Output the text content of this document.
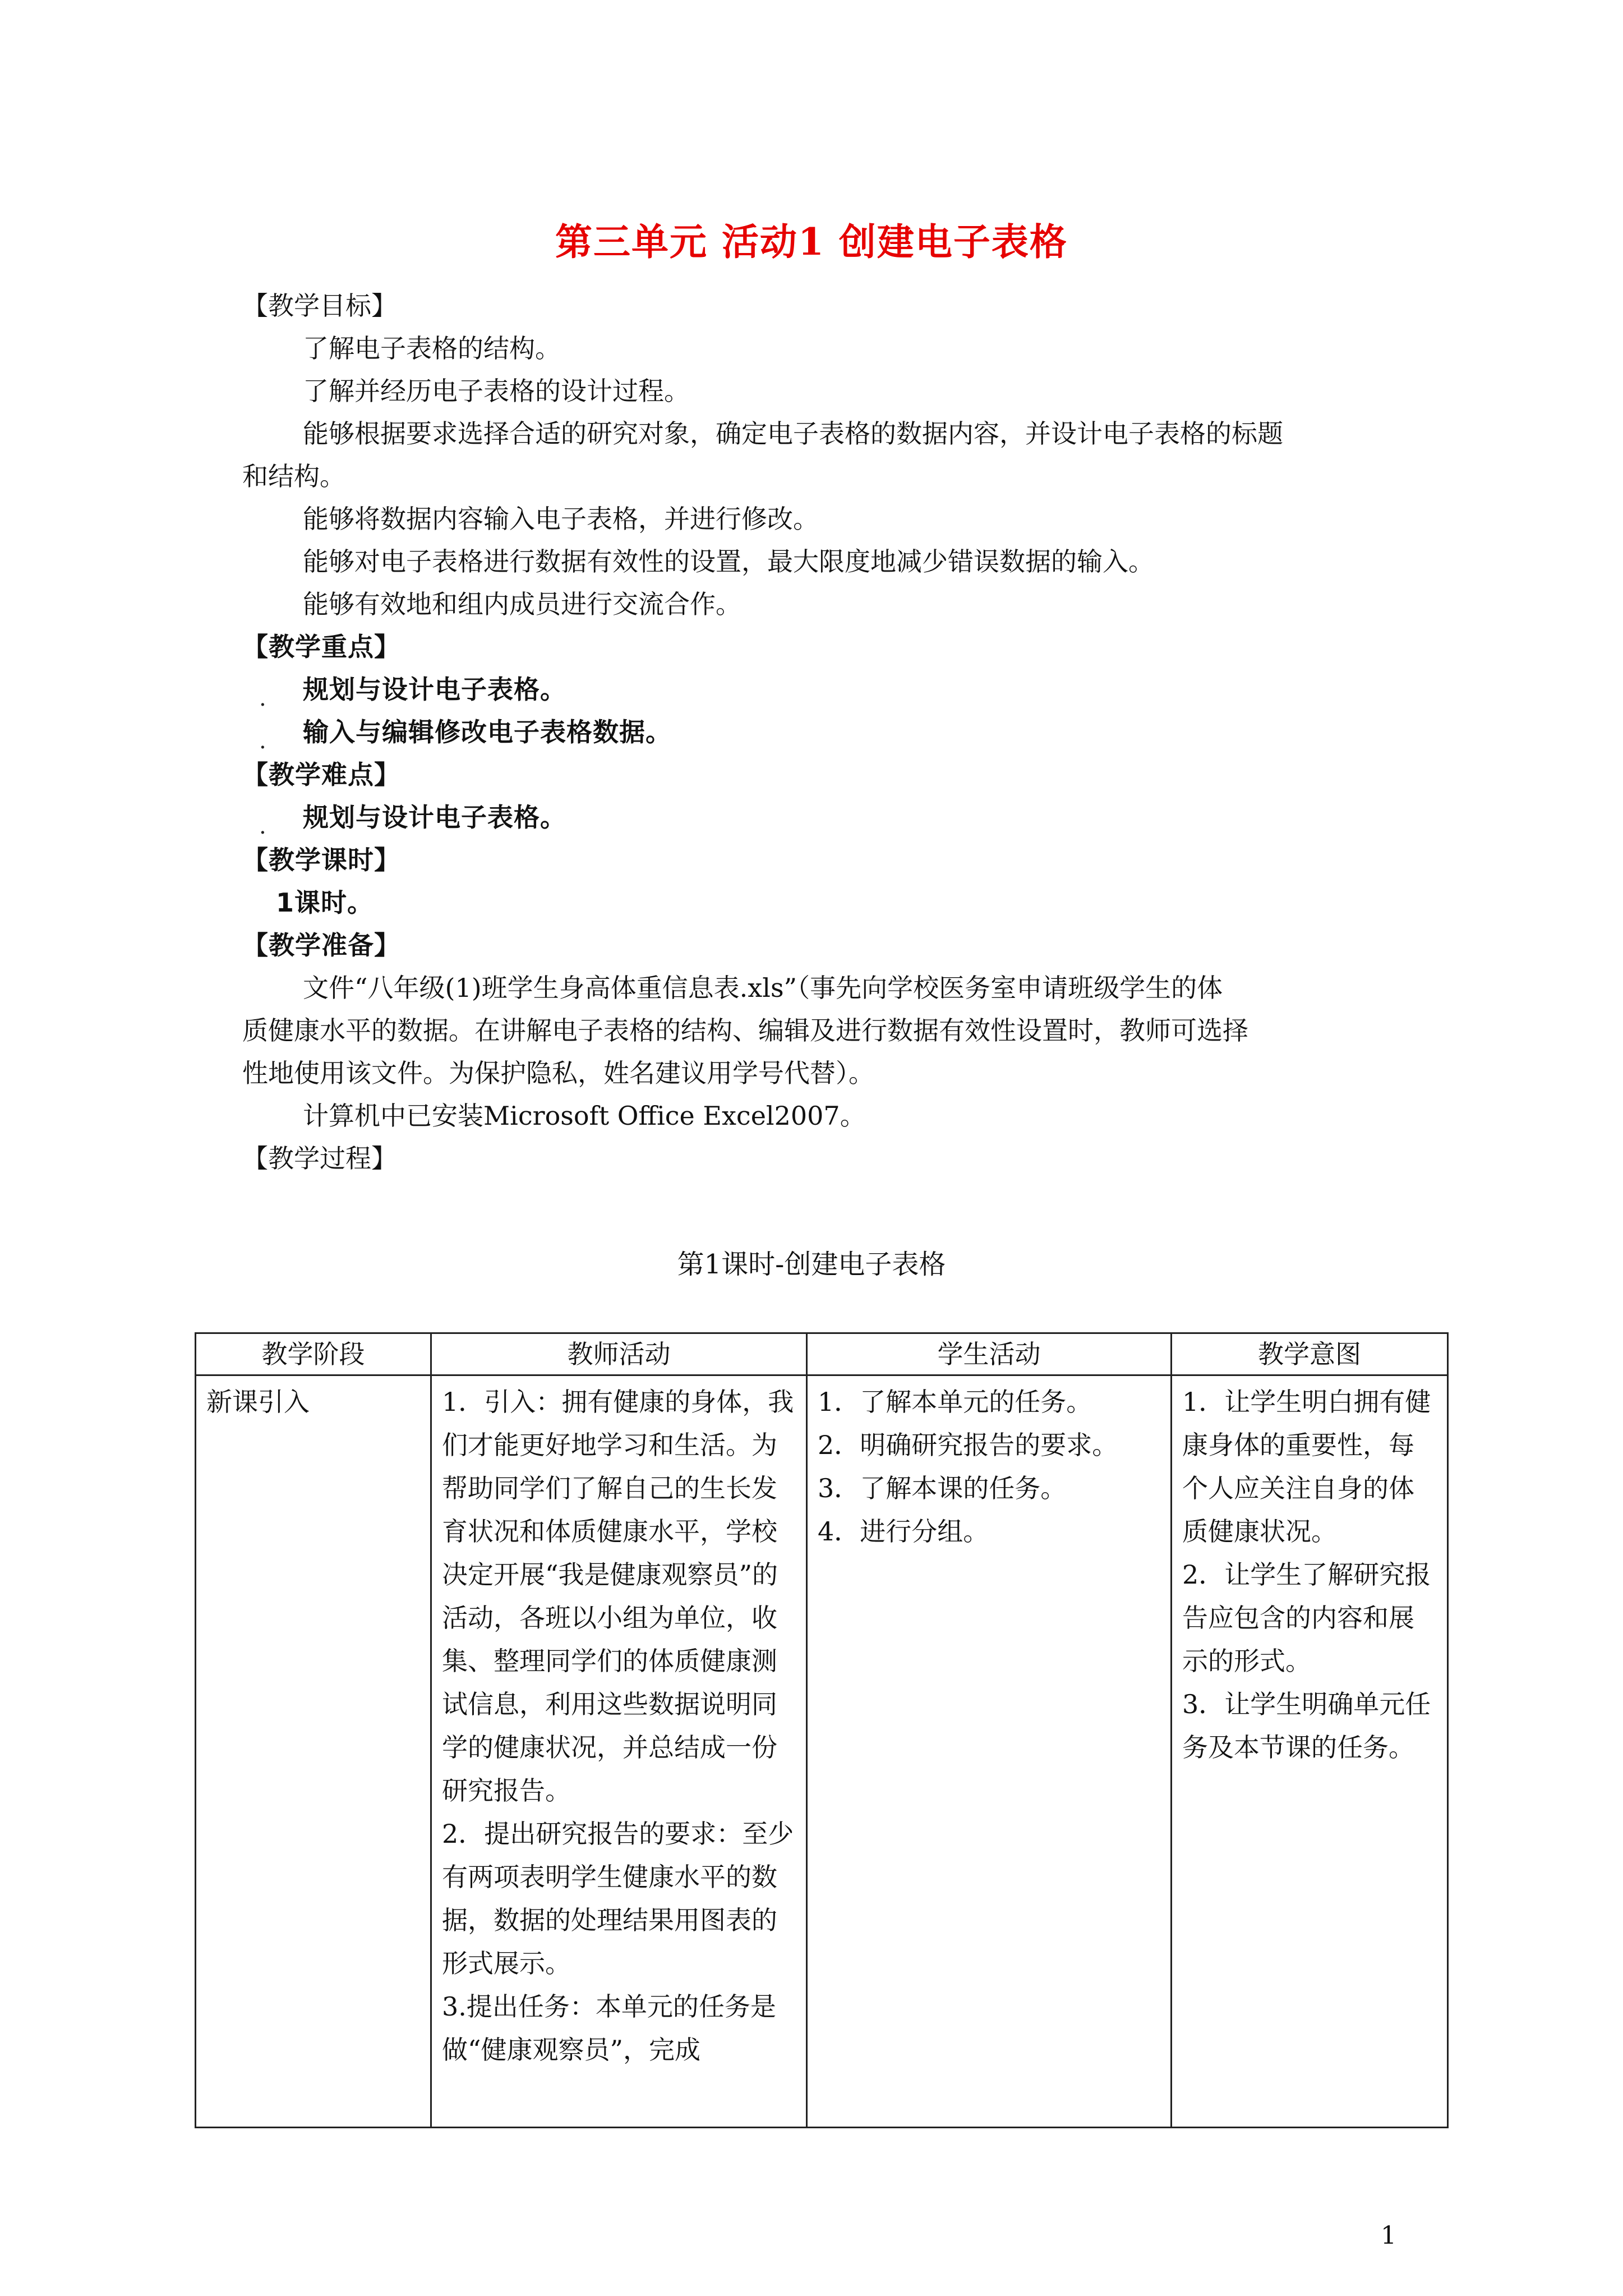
第三单元 活动1 创建电子表格
【教学目标】
了解电子表格的结构。
了解并经历电子表格的设计过程。
能够根据要求选择合适的研究对象，确定电子表格的数据内容，并设计电子表格的标题
和结构。
能够将数据内容输入电子表格，并进行修改。
能够对电子表格进行数据有效性的设置，最大限度地减少错误数据的输入。
能够有效地和组内成员进行交流合作。
【教学重点】
. 规划与设计电子表格。
. 输入与编辑修改电子表格数据。
【教学难点】
. 规划与设计电子表格。
【教学课时】
1课时。
【教学准备】
文件“八年级(1)班学生身高体重信息表.xls”（事先向学校医务室申请班级学生的体
质健康水平的数据。在讲解电子表格的结构、编辑及进行数据有效性设置时，教师可选择
性地使用该文件。为保护隐私，姓名建议用学号代替）。
计算机中已安装Microsoft Office Excel2007。
【教学过程】
第1课时-创建电子表格
教学阶段	教师活动	学生活动	教学意图

新课引入	1．引入：拥有健康的身体，我们才能更好地学习和生活。为帮助同学们了解自己的生长发育状况和体质健康水平，学校决定开展“我是健康观察员”的活动，各班以小组为单位，收集、整理同学们的体质健康测试信息，利用这些数据说明同学的健康状况，并总结成一份研究报告。
2．提出研究报告的要求：至少有两项表明学生健康水平的数据，数据的处理结果用图表的形式展示。
3.提出任务：本单元的任务是做“健康观察员”，完成	1．了解本单元的任务。
2．明确研究报告的要求。
3．了解本课的任务。
4．进行分组。	1．让学生明白拥有健康身体的重要性，每个人应关注自身的体质健康状况。
2．让学生了解研究报告应包含的内容和展示的形式。
3．让学生明确单元任务及本节课的任务。
1
